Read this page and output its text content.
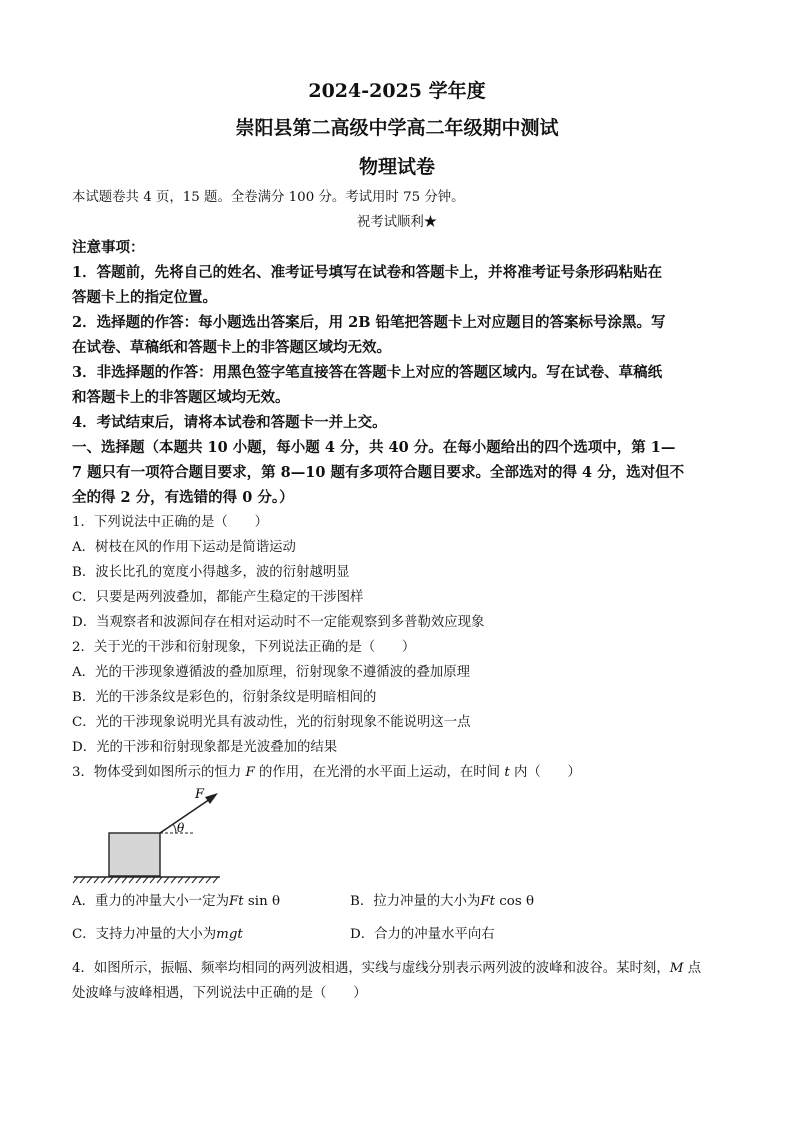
2024-2025 学年度
崇阳县第二高级中学高二年级期中测试
物理试卷
本试题卷共 4 页，15 题。全卷满分 100 分。考试用时 75 分钟。
祝考试顺利★
注意事项：
1．答题前，先将自己的姓名、准考证号填写在试卷和答题卡上，并将准考证号条形码粘贴在
答题卡上的指定位置。
2．选择题的作答：每小题选出答案后，用 2B 铅笔把答题卡上对应题目的答案标号涂黑。写
在试卷、草稿纸和答题卡上的非答题区域均无效。
3．非选择题的作答：用黑色签字笔直接答在答题卡上对应的答题区域内。写在试卷、草稿纸
和答题卡上的非答题区域均无效。
4．考试结束后，请将本试卷和答题卡一并上交。
一、选择题（本题共 10 小题，每小题 4 分，共 40 分。在每小题给出的四个选项中，第 1—
7 题只有一项符合题目要求，第 8—10 题有多项符合题目要求。全部选对的得 4 分，选对但不
全的得 2 分，有选错的得 0 分。）
1．下列说法中正确的是（　　）
A．树枝在风的作用下运动是简谐运动
B．波长比孔的宽度小得越多，波的衍射越明显
C．只要是两列波叠加，都能产生稳定的干涉图样
D．当观察者和波源间存在相对运动时不一定能观察到多普勒效应现象
2．关于光的干涉和衍射现象，下列说法正确的是（　　）
A．光的干涉现象遵循波的叠加原理，衍射现象不遵循波的叠加原理
B．光的干涉条纹是彩色的，衍射条纹是明暗相间的
C．光的干涉现象说明光具有波动性，光的衍射现象不能说明这一点
D．光的干涉和衍射现象都是光波叠加的结果
3．物体受到如图所示的恒力 F 的作用，在光滑的水平面上运动，在时间 t 内（　　）
F
θ
A．重力的冲量大小一定为Ft sin θ	B．拉力冲量的大小为Ft cos θ
C．支持力冲量的大小为mgt	D．合力的冲量水平向右
4．如图所示，振幅、频率均相同的两列波相遇，实线与虚线分别表示两列波的波峰和波谷。某时刻，M 点
处波峰与波峰相遇，下列说法中正确的是（　　）
